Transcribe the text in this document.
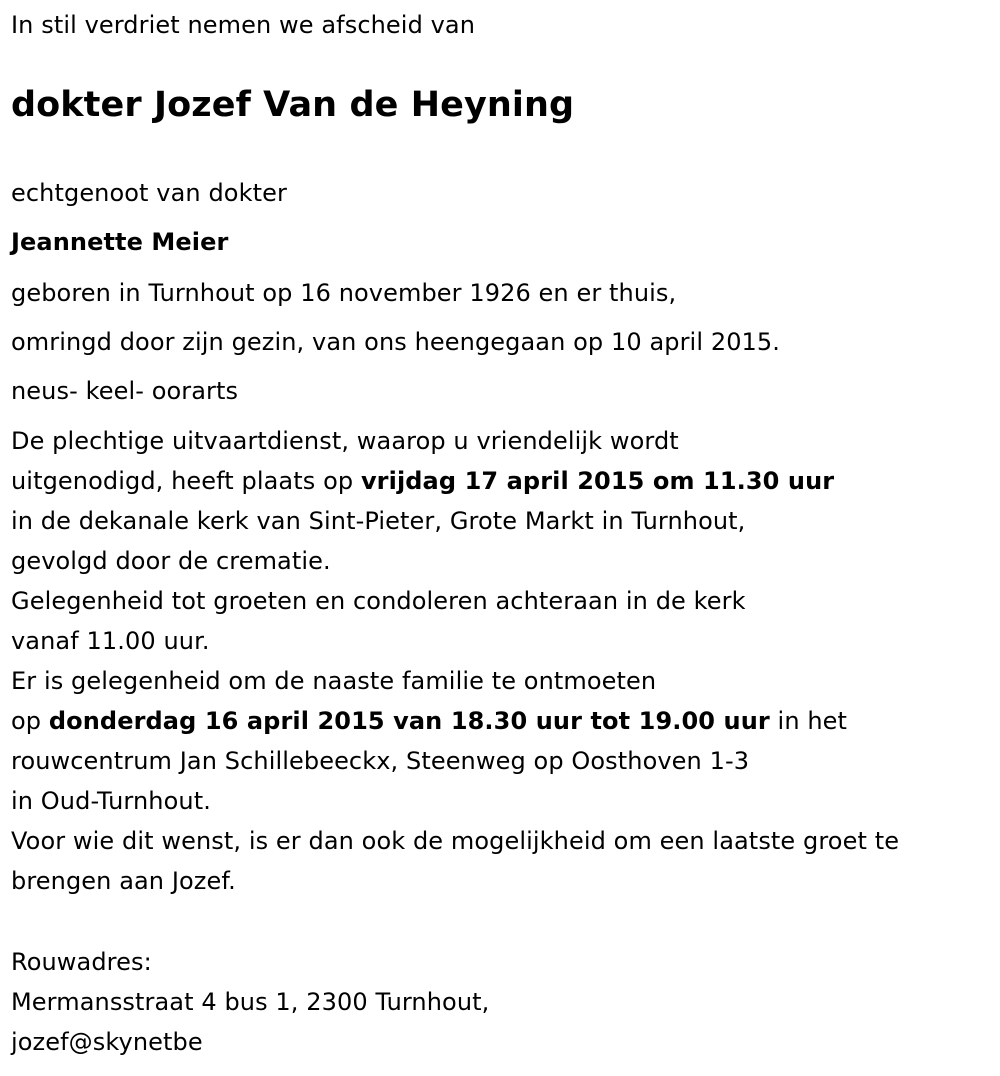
In stil verdriet nemen we afscheid van
dokter Jozef Van de Heyning
echtgenoot van dokter
Jeannette Meier
geboren in Turnhout op 16 november 1926 en er thuis,
omringd door zijn gezin, van ons heengegaan op 10 april 2015.
neus- keel- oorarts
De plechtige uitvaartdienst, waarop u vriendelijk wordt
uitgenodigd, heeft plaats op vrijdag 17 april 2015 om 11.30 uur
in de dekanale kerk van Sint-Pieter, Grote Markt in Turnhout,
gevolgd door de crematie.
Gelegenheid tot groeten en condoleren achteraan in de kerk
vanaf 11.00 uur.
Er is gelegenheid om de naaste familie te ontmoeten
op donderdag 16 april 2015 van 18.30 uur tot 19.00 uur in het
rouwcentrum Jan Schillebeeckx, Steenweg op Oosthoven 1-3
in Oud-Turnhout.
Voor wie dit wenst, is er dan ook de mogelijkheid om een laatste groet te
brengen aan Jozef.
Rouwadres:
Mermansstraat 4 bus 1, 2300 Turnhout,
jozef@skynetbe
